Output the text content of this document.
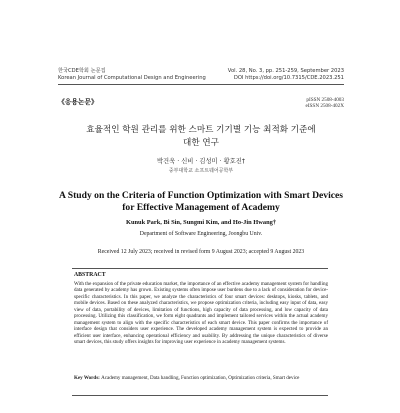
한국CDE학회 논문집
Korean Journal of Computational Design and Engineering
Vol. 28, No. 3, pp. 251-259, September 2023
DOI https://doi.org/10.7315/CDE.2023.251
《응용논문》	pISSN 2508-4003
eISSN 2508-402X
효율적인 학원 관리를 위한 스마트 기기별 기능 최적화 기준에
대한 연구
박건욱 · 신비 · 김성미 · 황호진†
중부대학교 소프트웨어공학부
A Study on the Criteria of Function Optimization with Smart Devices
for Effective Management of Academy
Kunuk Park, Bi Sin, Sungmi Kim, and Ho-Jin Hwang†
Department of Software Engineering, Joongbu Univ.
Received 12 July 2023; received in revised form 9 August 2023; accepted 9 August 2023
ABSTRACT
With the expansion of the private education market, the importance of an effective academy management system for handling data generated by academy has grown. Existing systems often impose user burdens due to a lack of consideration for device-specific characteristics. In this paper, we analyze the characteristics of four smart devices: desktops, kiosks, tablets, and mobile devices. Based on these analyzed characteristics, we propose optimization criteria, including easy input of data, easy view of data, portability of devices, limitation of functions, high capacity of data processing, and low capacity of data processing. Utilizing this classification, we form eight quadrants and implement tailored services within the actual academy management system to align with the specific characteristics of each smart device. This paper confirms the importance of interface design that considers user experience. The developed academy management system is expected to provide an efficient user interface, enhancing operational efficiency and usability. By addressing the unique characteristics of diverse smart devices, this study offers insights for improving user experience in academy management systems.
Key Words: Academy management, Data handling, Function optimization, Optimization criteria, Smart device
